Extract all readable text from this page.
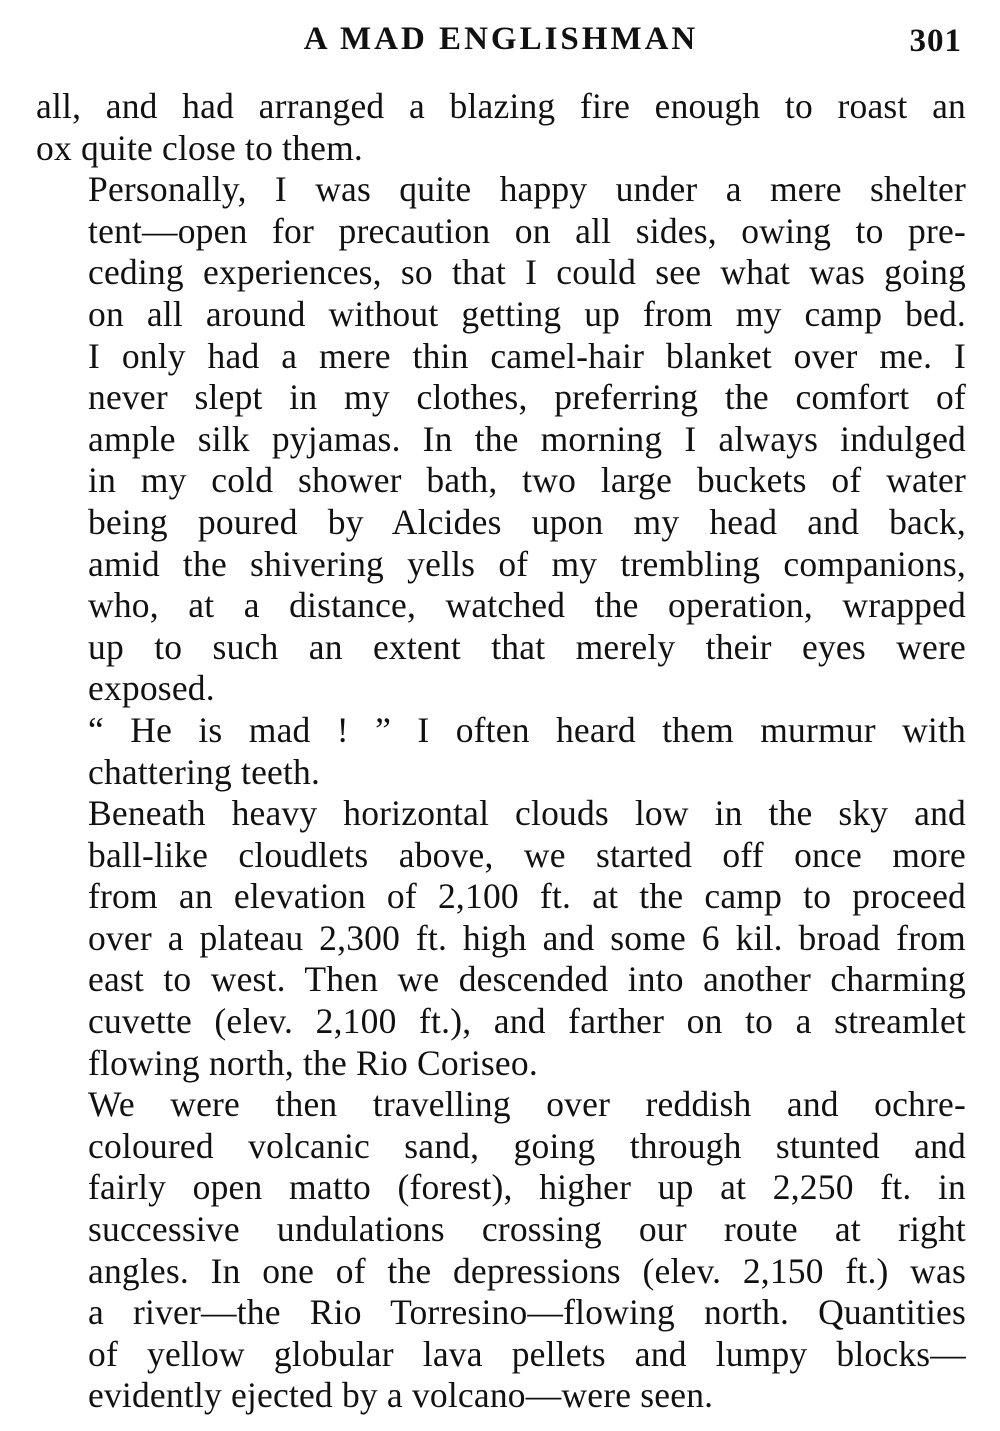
A MAD ENGLISHMAN	301

all, and had arranged a blazing fire enough to roast an
ox quite close to them.

Personally, I was quite happy under a mere shelter
tent—open for precaution on all sides, owing to pre-
ceding experiences, so that I could see what was going
on all around without getting up from my camp bed.
I only had a mere thin camel-hair blanket over me. I
never slept in my clothes, preferring the comfort of
ample silk pyjamas. In the morning I always indulged
in my cold shower bath, two large buckets of water
being poured by Alcides upon my head and back,
amid the shivering yells of my trembling companions,
who, at a distance, watched the operation, wrapped
up to such an extent that merely their eyes were
exposed.

“ He is mad ! ” I often heard them murmur with
chattering teeth.

Beneath heavy horizontal clouds low in the sky and
ball-like cloudlets above, we started off once more
from an elevation of 2,100 ft. at the camp to proceed
over a plateau 2,300 ft. high and some 6 kil. broad from
east to west. Then we descended into another charming
cuvette (elev. 2,100 ft.), and farther on to a streamlet
flowing north, the Rio Coriseo.

We were then travelling over reddish and ochre-
coloured volcanic sand, going through stunted and
fairly open matto (forest), higher up at 2,250 ft. in
successive undulations crossing our route at right
angles. In one of the depressions (elev. 2,150 ft.) was
a river—the Rio Torresino—flowing north. Quantities
of yellow globular lava pellets and lumpy blocks—
evidently ejected by a volcano—were seen.
